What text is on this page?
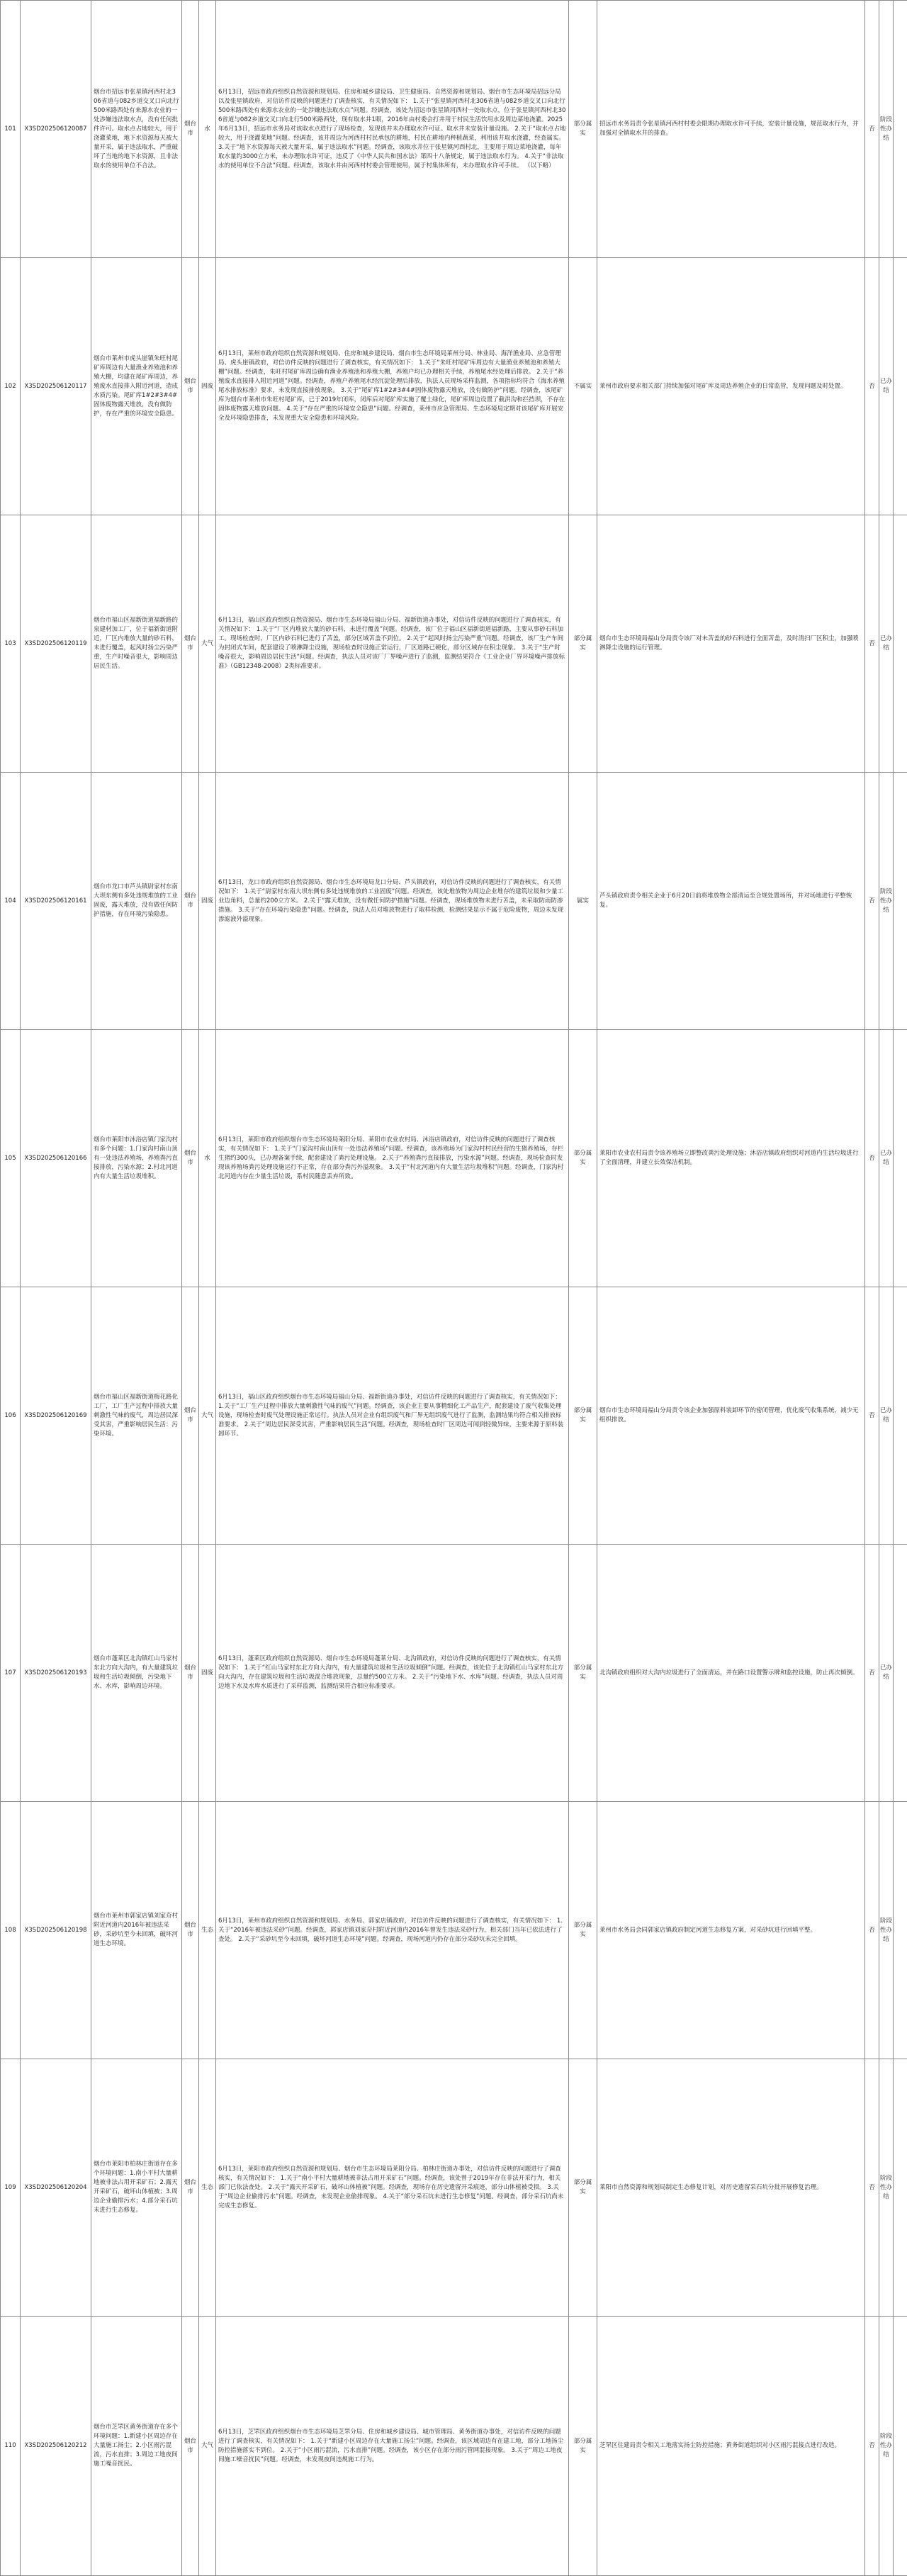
101	X3SD202506120087	烟台市招远市张星镇河西村北306省道与082乡道交叉口向北行500米路西处有来源水农业的一处涉嫌违法取水点，没有任何批件许可。取水点占地较大，用于浇灌菜地，地下水资源每天被大量开采，属于违法取水，严重破坏了当地的地下水资源，且非法取水的使用单位不合法。	烟台市	水	6月13日，招远市政府组织自然资源和规划局、住房和城乡建设局、卫生健康局、自然资源和规划局、烟台市生态环境局招远分局以及张星镇政府，对信访件反映的问题进行了调查核实，有关情况如下： 1.关于“张星镇河西村北306省道与082乡道交叉口向北行500米路西处有来源水农业的一处涉嫌违法取水点”问题。经调查，该处为招远市张星镇河西村一处取水点，位于张星镇河西村北306省道与082乡道交叉口向北行500米路西处，现有取水井1眼，2016年由村委会打井用于村民生活饮用水及周边菜地浇灌。2025年6月13日，招远市水务局对该取水点进行了现场检查，发现该井未办理取水许可证。取水井未安装计量设施。 2.关于“取水点占地较大，用于浇灌菜地”问题。经调查，该井周边为河西村村民承包的耕地，村民在耕地内种植蔬菜，利用该井取水浇灌，经查属实。 3.关于“地下水资源每天被大量开采，属于违法取水”问题。经调查，该取水井位于张星镇河西村北，主要用于周边菜地浇灌，每年取水量约3000立方米，未办理取水许可证，违反了《中华人民共和国水法》第四十八条规定，属于违法取水行为。 4.关于“非法取水的使用单位不合法”问题。经调查，该取水井由河西村村委会管理使用，属于村集体所有，未办理取水许可手续。 （以下略）	部分属实	招远市水务局责令张星镇河西村村委会限期办理取水许可手续，安装计量设施，规范取水行为，并加强对全镇取水井的排查。	否	阶段性办结	
102	X3SD202506120117	烟台市莱州市虎头崖镇朱旺村尾矿库周边有大量渔业养殖池和养殖大棚，均建在尾矿库周边，养殖废水直接排入附近河道，造成水质污染。尾矿库1#2#3#4#固体废物露天堆放，没有做防护，存在严重的环境安全隐患。	烟台市	固废	6月13日，莱州市政府组织自然资源和规划局、住房和城乡建设局、烟台市生态环境局莱州分局、林业局、海洋渔业局、应急管理局、虎头崖镇政府，对信访件反映的问题进行了调查核实，有关情况如下： 1.关于“朱旺村尾矿库周边有大量渔业养殖池和养殖大棚”问题。经调查，朱旺村尾矿库周边确有渔业养殖池和养殖大棚，养殖户均已办理相关手续，养殖尾水经处理后排放。 2.关于“养殖废水直接排入附近河道”问题。经调查，养殖户养殖尾水经沉淀处理后排放，执法人员现场采样监测，各项指标均符合《海水养殖尾水排放标准》要求，未发现直接排放现象。 3.关于“尾矿库1#2#3#4#固体废物露天堆放，没有做防护”问题。经调查，该尾矿库为烟台市莱州市朱旺村尾矿库，已于2019年闭库，闭库后对尾矿库实施了覆土绿化，尾矿库周边设置了截洪沟和拦挡坝，不存在固体废物露天堆放问题。 4.关于“存在严重的环境安全隐患”问题。经调查，莱州市应急管理局、生态环境局定期对该尾矿库开展安全及环境隐患排查，未发现重大安全隐患和环境风险。	不属实	莱州市政府要求相关部门持续加强对尾矿库及周边养殖企业的日常监管，发现问题及时处置。	否	已办结	
103	X3SD202506120119	烟台市福山区福新街道福新路的泉建材加工厂，位于福新街道附近，厂区内堆放大量的砂石料，未进行覆盖，起风时扬尘污染严重，生产时噪音很大，影响周边居民生活。	烟台市	大气	6月13日，福山区政府组织自然资源局、烟台市生态环境局福山分局、福新街道办事处，对信访件反映的问题进行了调查核实，有关情况如下： 1.关于“厂区内堆放大量的砂石料，未进行覆盖”问题。经调查，该厂位于福山区福新街道福新路，主要从事砂石料加工。现场检查时，厂区内砂石料已进行了苫盖，部分区域苫盖不到位。 2.关于“起风时扬尘污染严重”问题。经调查，该厂生产车间为封闭式车间，配套建设了喷淋降尘设施，现场检查时设施正常运行，厂区道路已硬化，部分区域存在积尘现象。 3.关于“生产时噪音很大，影响周边居民生活”问题。经调查，执法人员对该厂厂界噪声进行了监测，监测结果符合《工业企业厂界环境噪声排放标准》（GB12348-2008）2类标准要求。	部分属实	烟台市生态环境局福山分局责令该厂对未苫盖的砂石料进行全面苫盖，及时清扫厂区积尘，加强喷淋降尘设施的运行管理。	否	已办结	
104	X3SD202506120161	烟台市龙口市芦头镇尉家村东南大坝东侧有多处违规堆放的工业固废，露天堆放，没有做任何防护措施，存在环境污染隐患。	烟台市	固废	6月13日，龙口市政府组织自然资源局、烟台市生态环境局龙口分局、芦头镇政府，对信访件反映的问题进行了调查核实，有关情况如下： 1.关于“尉家村东南大坝东侧有多处违规堆放的工业固废”问题。经调查，该处堆放物为周边企业堆存的建筑垃圾和少量工业边角料，总量约200立方米。 2.关于“露天堆放，没有做任何防护措施”问题。经调查，现场堆放物未进行苫盖，未采取防雨防渗措施。 3.关于“存在环境污染隐患”问题。经调查，执法人员对堆放物进行了取样检测，检测结果显示不属于危险废物，周边未发现渗滤液外溢现象。	属实	芦头镇政府责令相关企业于6月20日前将堆放物全部清运至合规处置场所，并对场地进行平整恢复。	否	阶段性办结	
105	X3SD202506120166	烟台市莱阳市沐浴店镇门家沟村有多个问题：1.门家沟村南山顶有一处违法养殖场，养殖粪污直接排放，污染水源；2.村北河道内有大量生活垃圾堆积。	烟台市	水	6月13日，莱阳市政府组织烟台市生态环境局莱阳分局、莱阳市农业农村局、沐浴店镇政府，对信访件反映的问题进行了调查核实，有关情况如下： 1.关于“门家沟村南山顶有一处违法养殖场”问题。经调查，该养殖场为门家沟村村民经营的生猪养殖场，存栏生猪约300头，已办理备案手续，配套建设了粪污处理设施。 2.关于“养殖粪污直接排放，污染水源”问题。经调查，现场检查时发现该养殖场粪污处理设施运行不正常，存在部分粪污外溢现象。 3.关于“村北河道内有大量生活垃圾堆积”问题。经调查，门家沟村北河道内存在少量生活垃圾，系村民随意丢弃所致。	部分属实	莱阳市农业农村局责令该养殖场立即整改粪污处理设施；沐浴店镇政府组织对河道内生活垃圾进行了全面清理，并建立长效保洁机制。	否	已办结	
106	X3SD202506120169	烟台市福山区福新街道梅花路化工厂，工厂生产过程中排放大量刺激性气味的废气，周边居民深受其害，严重影响居民生活：污染环境。	烟台市	大气	6月13日，福山区政府组织烟台市生态环境局福山分局、福新街道办事处，对信访件反映的问题进行了调查核实，有关情况如下： 1.关于“工厂生产过程中排放大量刺激性气味的废气”问题。经调查，该企业主要从事精细化工产品生产，配套建设了废气收集处理设施，现场检查时废气处理设施正常运行。执法人员对企业有组织废气和厂界无组织废气进行了监测，监测结果均符合相关排放标准要求。 2.关于“周边居民深受其害，严重影响居民生活”问题。经调查，现场检查时厂区周边可闻到轻微异味，主要来源于原料装卸环节。	部分属实	烟台市生态环境局福山分局责令该企业加强原料装卸环节的密闭管理，优化废气收集系统，减少无组织排放。	否	已办结	
107	X3SD202506120193	烟台市蓬莱区北沟镇红山马家村东北方向大沟内，有大量建筑垃圾和生活垃圾倾倒，污染地下水、水库，影响周边环境。	烟台市	固废	6月13日，蓬莱区政府组织自然资源局、烟台市生态环境局蓬莱分局、北沟镇政府，对信访件反映的问题进行了调查核实，有关情况如下： 1.关于“红山马家村东北方向大沟内，有大量建筑垃圾和生活垃圾倾倒”问题。经调查，该处位于北沟镇红山马家村东北方向大沟内，存在建筑垃圾和生活垃圾混合堆放现象，总量约500立方米。 2.关于“污染地下水、水库”问题。经调查，执法人员对周边地下水及水库水质进行了采样监测，监测结果符合相应标准要求。	部分属实	北沟镇政府组织对大沟内垃圾进行了全面清运，并在路口设置警示牌和监控设施，防止再次倾倒。	否	已办结	
108	X3SD202506120198	烟台市莱州市郭家店镇刘家夼村附近河道内2016年被违法采砂，采砂坑至今未回填，破坏河道生态环境。	烟台市	生态	6月13日，莱州市政府组织自然资源和规划局、水务局、郭家店镇政府，对信访件反映的问题进行了调查核实，有关情况如下： 1.关于“2016年被违法采砂”问题。经调查，郭家店镇刘家夼村附近河道内2016年曾发生违法采砂行为，相关部门当年已依法进行了查处。 2.关于“采砂坑至今未回填，破坏河道生态环境”问题。经调查，现场河道内仍存在部分采砂坑未完全回填。	部分属实	莱州市水务局会同郭家店镇政府制定河道生态修复方案，对采砂坑进行回填平整。	否	阶段性办结	
109	X3SD202506120204	烟台市莱阳市柏林庄街道存在多个环境问题：1.南小平村大量耕地被非法占用开采矿石；2.露天开采矿石，破坏山体植被；3.周边企业偷排污水；4.部分采石坑未进行生态修复。	烟台市	生态	6月13日，莱阳市政府组织自然资源和规划局、烟台市生态环境局莱阳分局、柏林庄街道办事处，对信访件反映的问题进行了调查核实，有关情况如下： 1.关于“南小平村大量耕地被非法占用开采矿石”问题。经调查，该处曾于2019年存在非法开采行为，相关部门已依法查处。 2.关于“露天开采矿石，破坏山体植被”问题。经调查，现场存在历史遗留开采痕迹，部分山体植被受损。 3.关于“周边企业偷排污水”问题。经调查，未发现企业偷排现象。 4.关于“部分采石坑未进行生态修复”问题。经调查，部分采石坑尚未完成生态修复。	部分属实	莱阳市自然资源和规划局制定生态修复计划，对历史遗留采石坑分批开展修复治理。	否	阶段性办结	
110	X3SD202506120212	烟台市芝罘区黄务街道存在多个环境问题：1.新建小区周边存在大量施工扬尘；2.小区雨污混流，污水直排；3.周边工地夜间施工噪音扰民。	烟台市	大气	6月13日，芝罘区政府组织烟台市生态环境局芝罘分局、住房和城乡建设局、城市管理局、黄务街道办事处，对信访件反映的问题进行了调查核实，有关情况如下： 1.关于“新建小区周边存在大量施工扬尘”问题。经调查，该区域周边有在建工地，部分工地扬尘防控措施落实不到位。 2.关于“小区雨污混流，污水直排”问题。经调查，该小区存在部分雨污管网混接现象。 3.关于“周边工地夜间施工噪音扰民”问题。经调查，未发现夜间违规施工行为。	部分属实	芝罘区住建局责令相关工地落实扬尘防控措施；黄务街道组织对小区雨污混接点进行改造。	否	阶段性办结	
